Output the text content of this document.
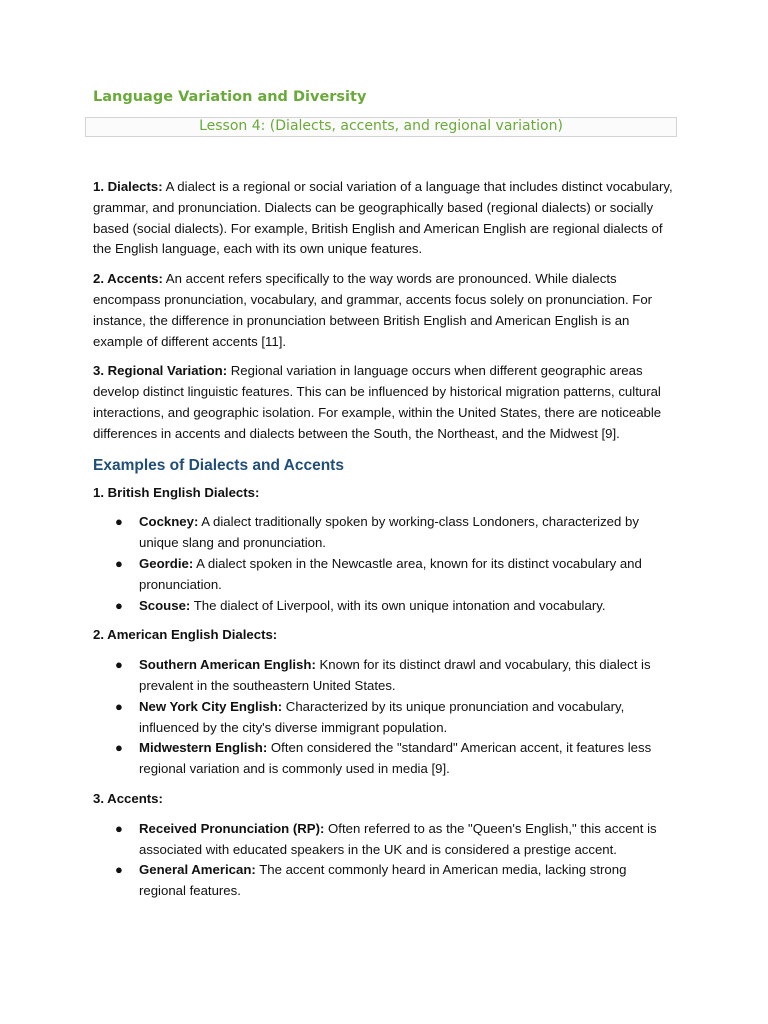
Language Variation and Diversity
Lesson 4: (Dialects, accents, and regional variation)

1. Dialects: A dialect is a regional or social variation of a language that includes distinct vocabulary, grammar, and pronunciation. Dialects can be geographically based (regional dialects) or socially based (social dialects). For example, British English and American English are regional dialects of the English language, each with its own unique features.

2. Accents: An accent refers specifically to the way words are pronounced. While dialects encompass pronunciation, vocabulary, and grammar, accents focus solely on pronunciation. For instance, the difference in pronunciation between British English and American English is an example of different accents [11].

3. Regional Variation: Regional variation in language occurs when different geographic areas develop distinct linguistic features. This can be influenced by historical migration patterns, cultural interactions, and geographic isolation. For example, within the United States, there are noticeable differences in accents and dialects between the South, the Northeast, and the Midwest [9].

Examples of Dialects and Accents
1. British English Dialects:
● Cockney: A dialect traditionally spoken by working-class Londoners, characterized by unique slang and pronunciation.
● Geordie: A dialect spoken in the Newcastle area, known for its distinct vocabulary and pronunciation.
● Scouse: The dialect of Liverpool, with its own unique intonation and vocabulary.
2. American English Dialects:
● Southern American English: Known for its distinct drawl and vocabulary, this dialect is prevalent in the southeastern United States.
● New York City English: Characterized by its unique pronunciation and vocabulary, influenced by the city's diverse immigrant population.
● Midwestern English: Often considered the "standard" American accent, it features less regional variation and is commonly used in media [9].
3. Accents:
● Received Pronunciation (RP): Often referred to as the "Queen's English," this accent is associated with educated speakers in the UK and is considered a prestige accent.
● General American: The accent commonly heard in American media, lacking strong regional features.
